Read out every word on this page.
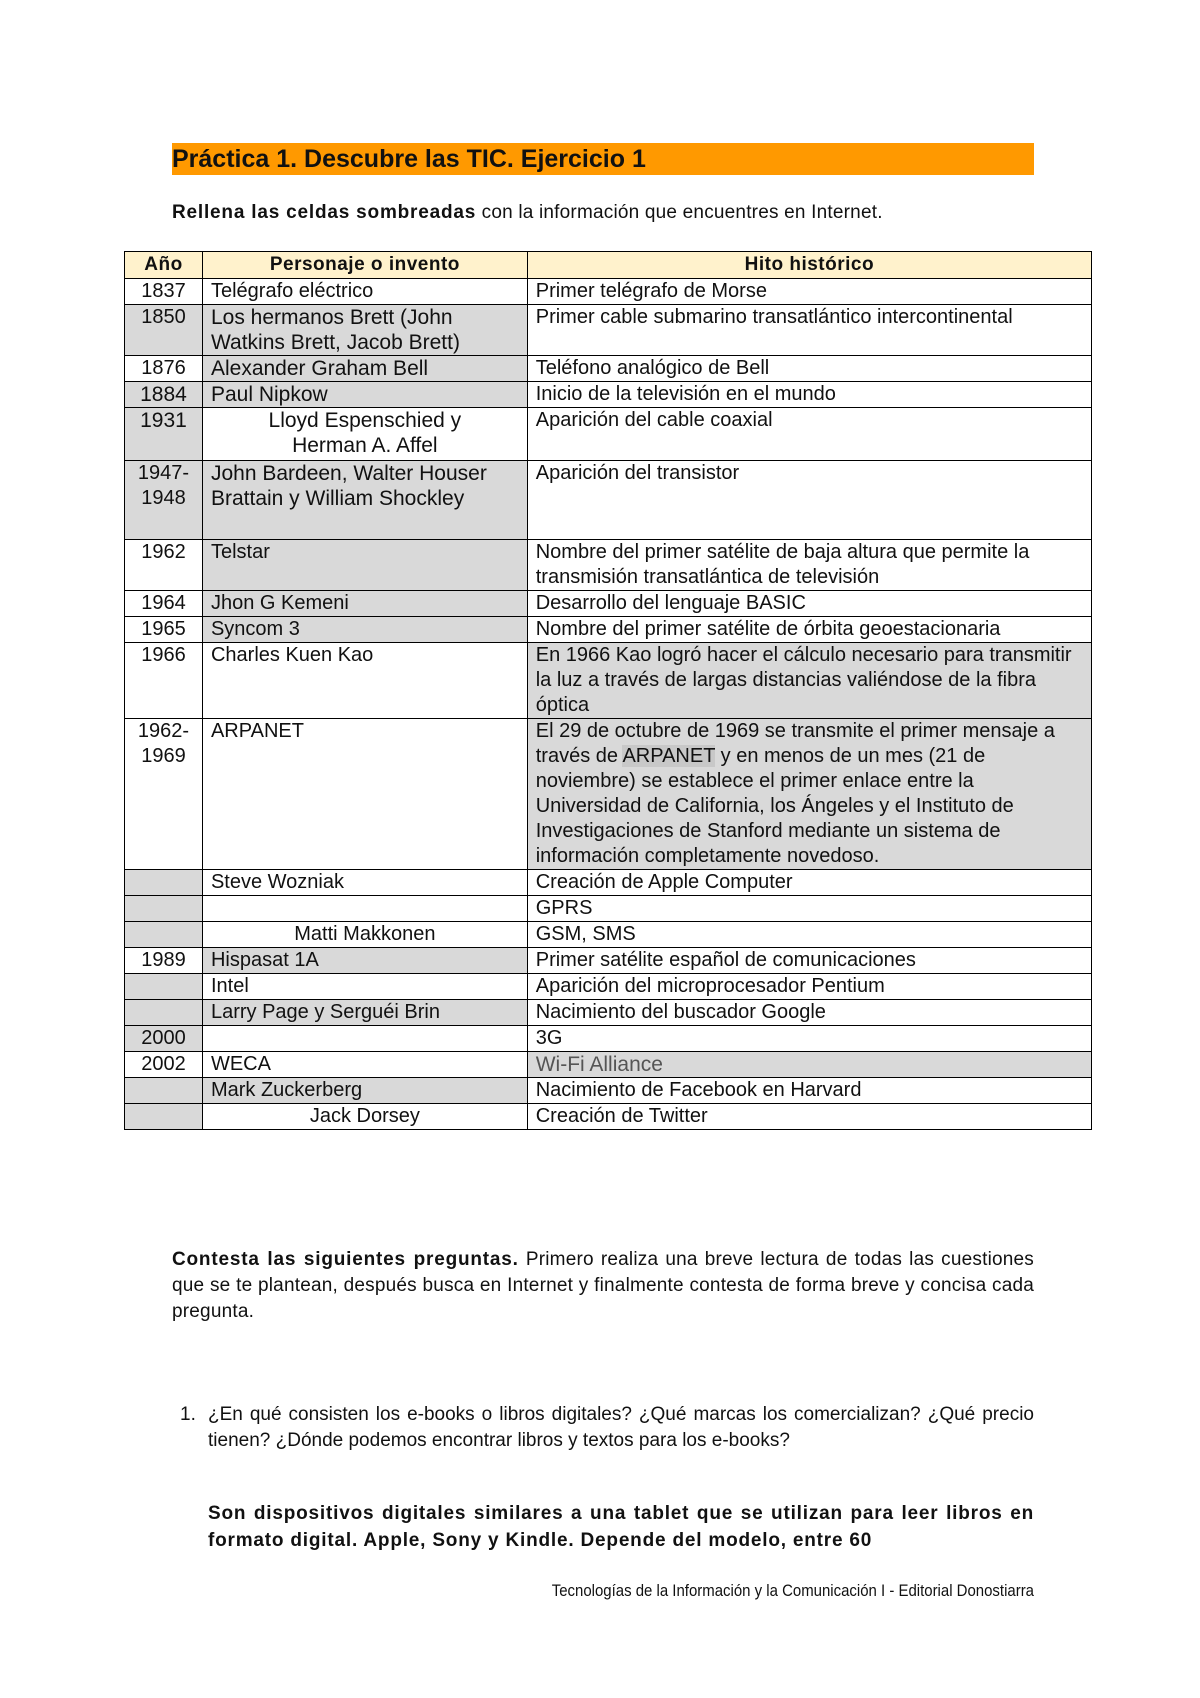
Práctica 1. Descubre las TIC. Ejercicio 1
Rellena las celdas sombreadas con la información que encuentres en Internet.
Año	Personaje o invento	Hito histórico
1837	Telégrafo eléctrico	Primer telégrafo de Morse
1850	Los hermanos Brett (John Watkins Brett, Jacob Brett)	Primer cable submarino transatlántico intercontinental
1876	Alexander Graham Bell	Teléfono analógico de Bell
1884	Paul Nipkow	Inicio de la televisión en el mundo
1931	Lloyd Espenschied y Herman A. Affel	Aparición del cable coaxial
1947-1948	John Bardeen, Walter Houser Brattain y William Shockley	Aparición del transistor
1962	Telstar	Nombre del primer satélite de baja altura que permite la transmisión transatlántica de televisión
1964	Jhon G Kemeni	Desarrollo del lenguaje BASIC
1965	Syncom 3	Nombre del primer satélite de órbita geoestacionaria
1966	Charles Kuen Kao	En 1966 Kao logró hacer el cálculo necesario para transmitir la luz a través de largas distancias valiéndose de la fibra óptica
1962-1969	ARPANET	El 29 de octubre de 1969 se transmite el primer mensaje a través de ARPANET y en menos de un mes (21 de noviembre) se establece el primer enlace entre la Universidad de California, los Ángeles y el Instituto de Investigaciones de Stanford mediante un sistema de información completamente novedoso.
	Steve Wozniak	Creación de Apple Computer
		GPRS
	Matti Makkonen	GSM, SMS
1989	Hispasat 1A	Primer satélite español de comunicaciones
	Intel	Aparición del microprocesador Pentium
	Larry Page y Serguéi Brin	Nacimiento del buscador Google
2000		3G
2002	WECA	Wi-Fi Alliance
	Mark Zuckerberg	Nacimiento de Facebook en Harvard
	Jack Dorsey	Creación de Twitter
Contesta las siguientes preguntas. Primero realiza una breve lectura de todas las cuestiones que se te plantean, después busca en Internet y finalmente contesta de forma breve y concisa cada pregunta.
1. ¿En qué consisten los e-books o libros digitales? ¿Qué marcas los comercializan? ¿Qué precio tienen? ¿Dónde podemos encontrar libros y textos para los e-books?
Son dispositivos digitales similares a una tablet que se utilizan para leer libros en formato digital. Apple, Sony y Kindle. Depende del modelo, entre 60
Tecnologías de la Información y la Comunicación I - Editorial Donostiarra
